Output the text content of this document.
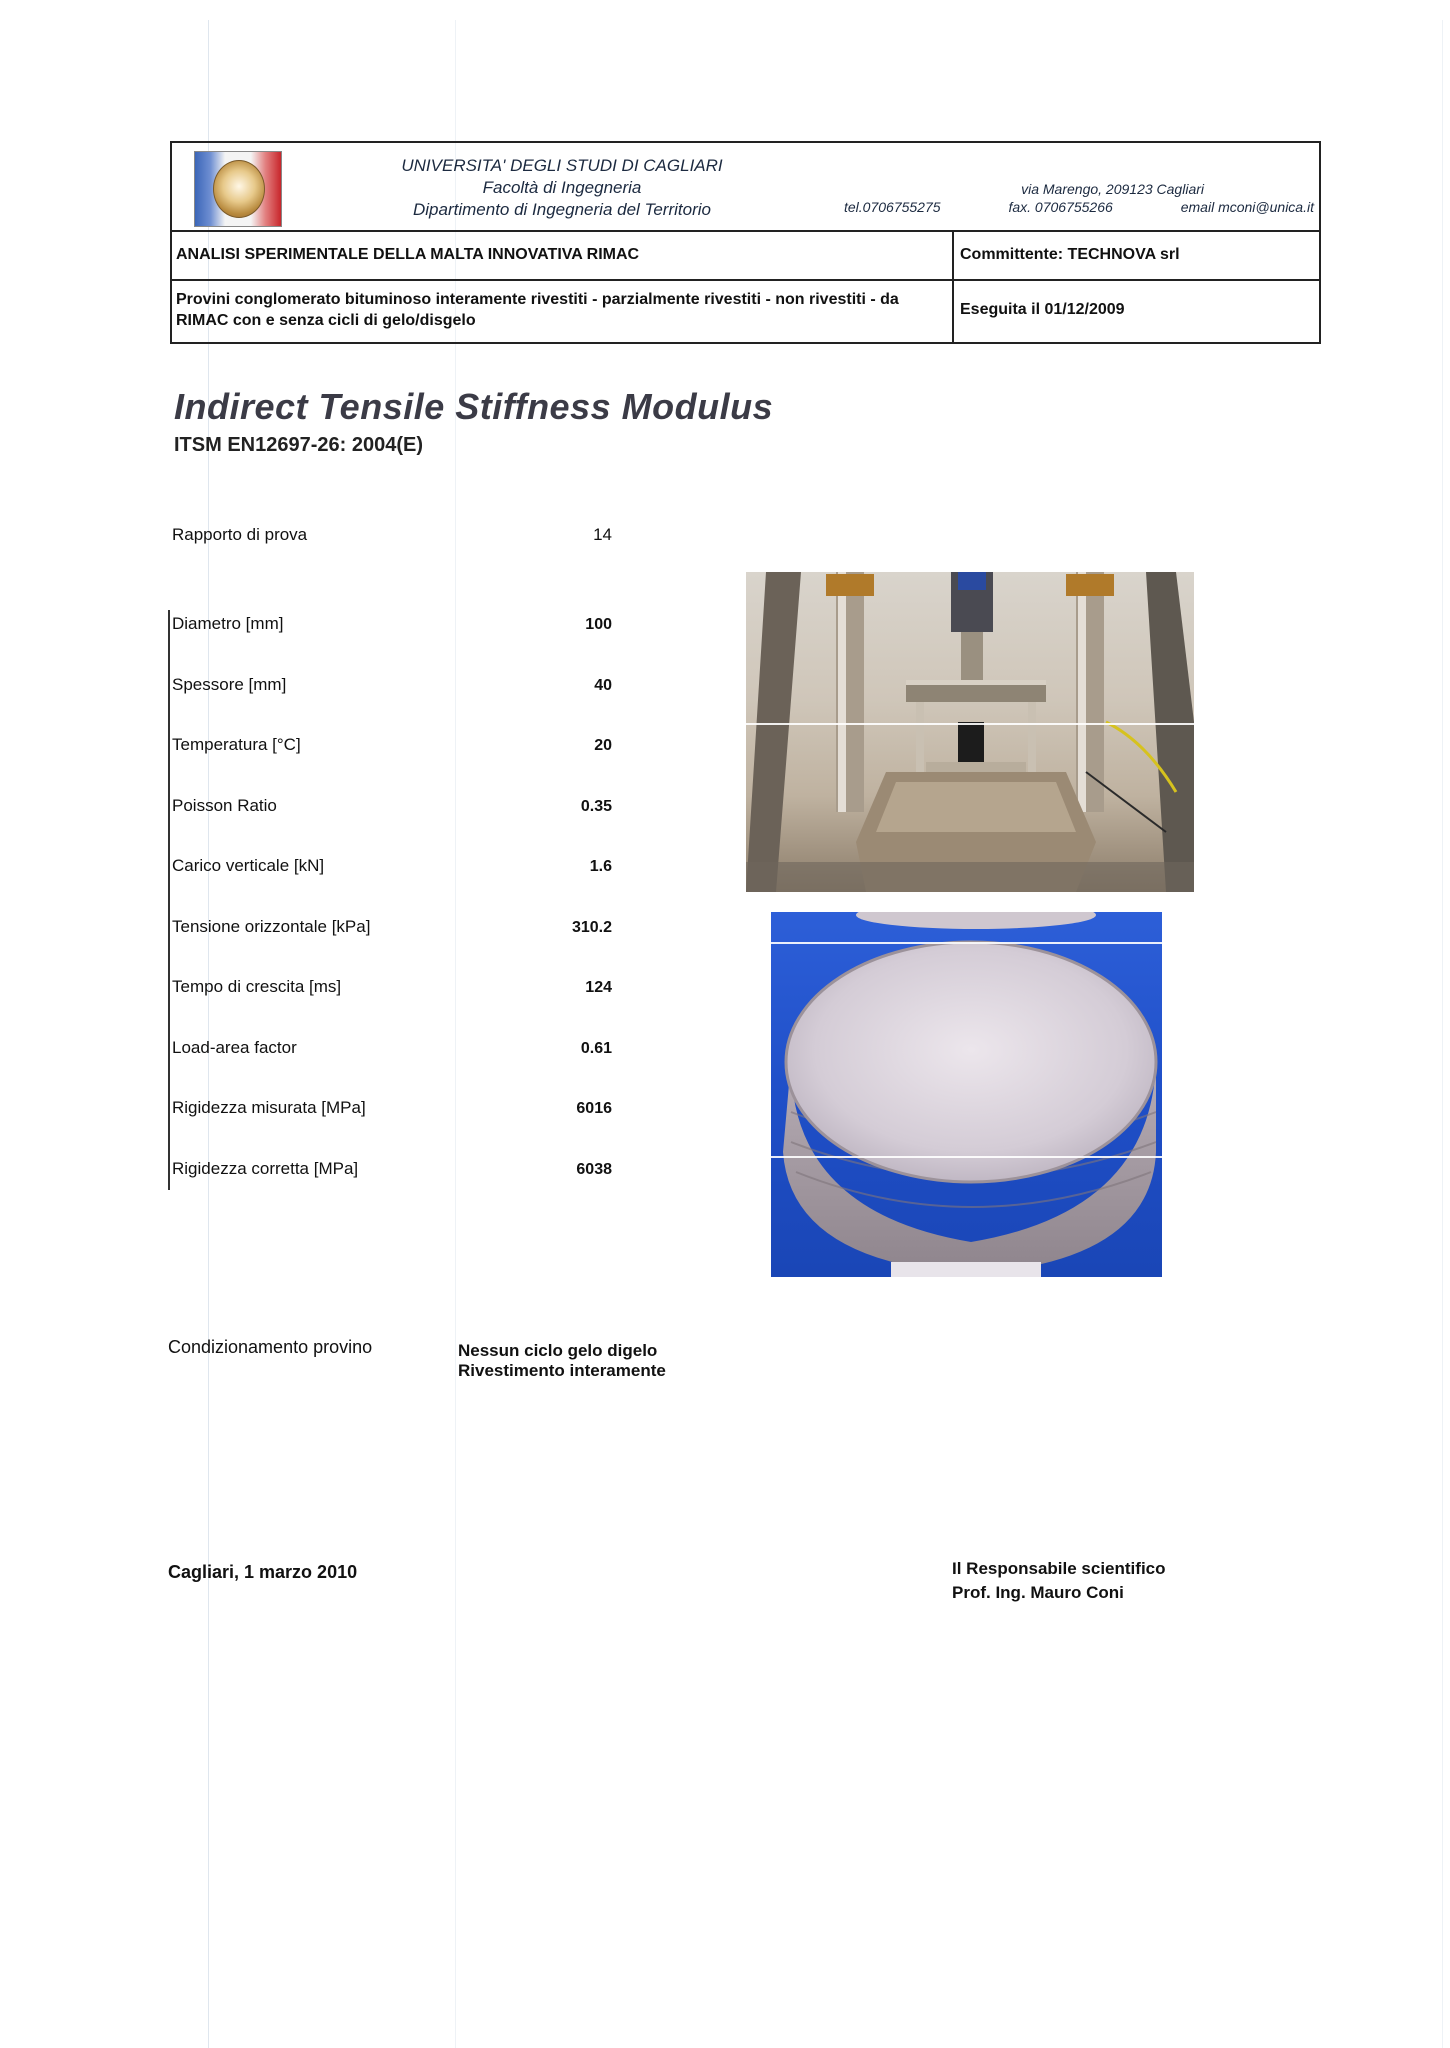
UNIVERSITA' DEGLI STUDI DI CAGLIARI
Facoltà di Ingegneria
Dipartimento di Ingegneria del Territorio
via Marengo, 209123 Cagliari
tel.0706755275	fax. 0706755266	email mconi@unica.it
ANALISI SPERIMENTALE DELLA MALTA INNOVATIVA RIMAC	Committente: TECHNOVA srl
Provini conglomerato bituminoso interamente rivestiti - parzialmente rivestiti - non rivestiti - da RIMAC con e senza cicli di gelo/disgelo
Eseguita il 01/12/2009
Indirect Tensile Stiffness Modulus
ITSM EN12697-26: 2004(E)
Rapporto di prova	14
Diametro [mm]	100
Spessore [mm]	40
Temperatura [°C]	20
Poisson Ratio	0.35
Carico verticale [kN]	1.6
Tensione orizzontale [kPa]	310.2
Tempo di crescita [ms]	124
Load-area factor	0.61
Rigidezza misurata [MPa]	6016
Rigidezza corretta [MPa]	6038
Condizionamento provino	Nessun ciclo gelo digelo
Rivestimento interamente
Cagliari, 1 marzo 2010	Il Responsabile scientifico
Prof. Ing. Mauro Coni
